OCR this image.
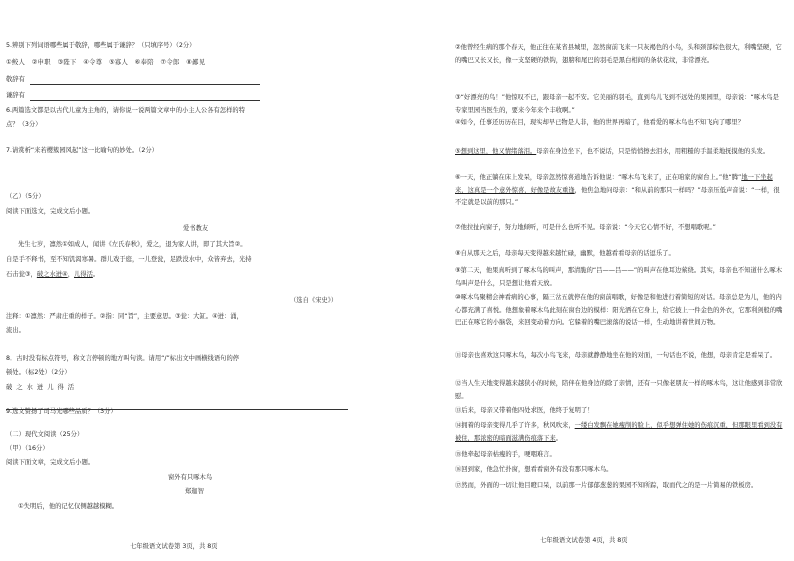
5.辨别下列词语哪些属于敬辞，哪些属于谦辞？（只填序号）（2分）
①鲛人　②申职　③陛下　④令尊　⑤寡人　⑥奉陪　⑦令郎　⑧鄙见
敬辞有
谦辞有
6.两篇选文都是以古代儿童为主角的，请你说一说两篇文章中的小主人公各有怎样的特
点？（3分）
7.请赏析“来若樱簇园风起”这一比喻句的妙处。（2分）
（乙）（5分）
阅读下面选文，完成文后小题。
爱书教友
先生七岁，凛然①如成人，闻讲《左氏春秋》，爱之，退为家人讲，即了其大旨②。
自是手不释书，至不知饥渴寒暑。群儿戏于庭，一儿登瓮，足跌没水中，众皆弃去，光持
石击瓮③，破之水迸④，儿得活。
（选自《宋史》）
注释：①凛然：严肃庄重的样子。②指：同“旨”，主要意思。③瓮：大缸。④迸：涌，
流出。
8．古时没有标点符号，称文言停顿的地方叫句读。请用“/”标出文中画横线语句的停
顿处。（标2处）（2分）
破 之 水 迸 儿 得 活
9.选文赞扬了司马光哪些品质？（3分）
（二）现代文阅读（25分）
（甲）（16分）
阅读下面文章，完成文后小题。
窗外有只啄木鸟
郑迦智
①失明后，他的记忆仅侧越越模糊。
七年级语文试卷第 3页，共 8页
②他曾经生病的那个春天，他正往在某省县城里，忽然窗前飞来一只灰褐色的小鸟，头和颈部棕色很大，利嘴坚硬，它的嘴巴又长又长，像一支坚硬的铁钩，翅膀和尾巴的羽毛是黑白相间的条状花纹，非常漂亮。
③“好漂亮的鸟！”他惊叹不已，跟母亲一起不安。它美丽的羽毛，直到鸟儿飞到不远处的果园里，母亲说：“啄木鸟是专家里园当医生的，要来今年来个丰收啊。”
④如今，任事还历历在目，现实却早已物是人非，他的世界再暗了，他看爱的啄木鸟也不知飞向了哪里？
⑤想到这里，他又情绪落泪。母亲在身边坐下，也不说话，只是悄悄擦去泪水，用粗糙的手温柔地抚摸他的头发。
⑥一天，他正躺在床上发呆，母亲忽然惊喜道地告诉他说：“啄木鸟飞来了，正在咱家的窗台上。”他“腾”地一下坐起来，这真是一个意外惊喜，好像是故友重逢，他焦急地问母亲：“和从前的那只一样吗？”母亲压低声音说：“一样，很不定就是以前的那只。”
⑦他拉扯向窗子，努力地倾听，可是什么也听不见。母亲说：“今天它心情不好，不想唱歌呢。”
⑧自从那天之后，母亲每天变得越来越忙碌，幽默，他越看看母亲的话逗乐了。
⑨第二天，他果真听到了啄木鸟的叫声，那清脆的“吕——吕——”的叫声在他耳边萦绕。其实，母亲也不知道什么啄木鸟叫声是什么，只是想让他看天放。
⑩啄木鸟聚精会神看病的心事，隔三岔五就停在他的窗前唱歌，好像是和他进行着简短的对话。母亲总是为儿，他的内心都充满了喜悦。他想象着啄木鸟此刻在窗台边的模样：阳光洒在它身上，给它披上一件金色的外衣，它那利剑般的嘴巴正在啄它的小脑袋，来回变动着方向。它躲着的嘴巴滚落的说话一样，生动地讲着世间万物。
⑪母亲也喜欢这只啄木鸟，每次小鸟飞来，母亲就静静地坐在他的对面，一句话也不说，他想，母亲肯定是看呆了。
⑫当人生天地变得越来越狭小的时候，陪伴在他身边的除了亲情，还有一只像老朋友一样的啄木鸟，这让他感到非常欣慰。
⑬后来，母亲又带着他四处求医，他终于复明了！
⑭拥着的母亲变得几乎了许多，秋风吹来，一缕白发飘在她瘦削的脸上，似乎想弹住她的伤痕沉重，但那眼里看到没有被住，那浓密的暗面滋满伤痕落下来。
⑮他牵起母亲枯瘦的手，哽咽难言。
⑯回到家，他急忙扑窗，想看看窗外有没有那只啄木鸟。
⑰然而，外面的一切让他目瞪口呆，以前那一片郁郁葱葱的果园不知所踪，取而代之的是一片简易的铁板房。
七年级语文试卷第 4页，共 8页
